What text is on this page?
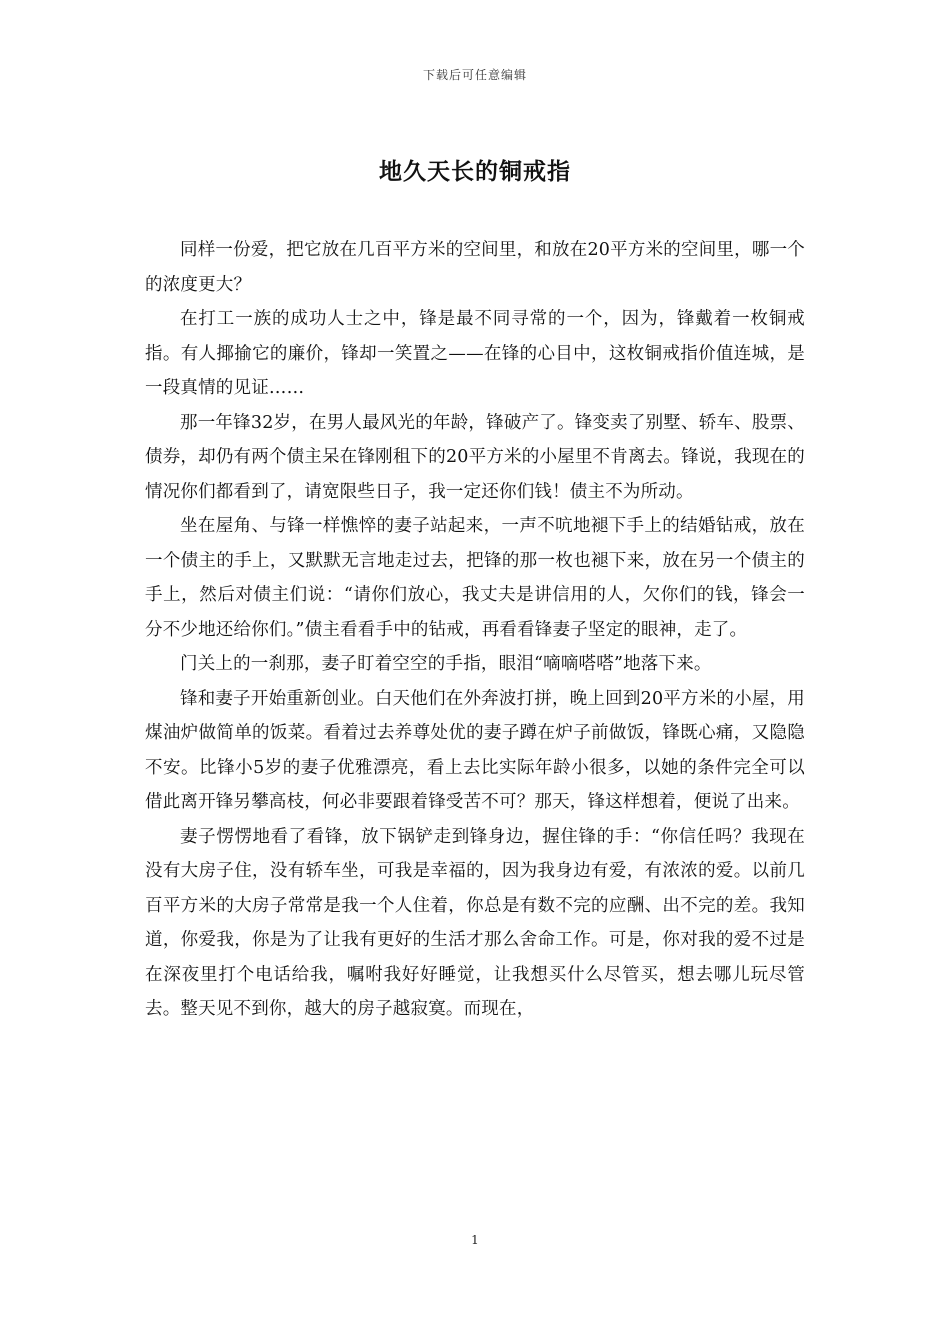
下载后可任意编辑
地久天长的铜戒指

同样一份爱，把它放在几百平方米的空间里，和放在20平方米的空间里，哪一个的浓度更大？

在打工一族的成功人士之中，锋是最不同寻常的一个，因为，锋戴着一枚铜戒指。有人揶揄它的廉价，锋却一笑置之——在锋的心目中，这枚铜戒指价值连城，是一段真情的见证……

那一年锋32岁，在男人最风光的年龄，锋破产了。锋变卖了别墅、轿车、股票、债券，却仍有两个债主呆在锋刚租下的20平方米的小屋里不肯离去。锋说，我现在的情况你们都看到了，请宽限些日子，我一定还你们钱！债主不为所动。

坐在屋角、与锋一样憔悴的妻子站起来，一声不吭地褪下手上的结婚钻戒，放在一个债主的手上，又默默无言地走过去，把锋的那一枚也褪下来，放在另一个债主的手上，然后对债主们说：“请你们放心，我丈夫是讲信用的人，欠你们的钱，锋会一分不少地还给你们。”债主看看手中的钻戒，再看看锋妻子坚定的眼神，走了。

门关上的一刹那，妻子盯着空空的手指，眼泪“嘀嘀嗒嗒”地落下来。

锋和妻子开始重新创业。白天他们在外奔波打拼，晚上回到20平方米的小屋，用煤油炉做简单的饭菜。看着过去养尊处优的妻子蹲在炉子前做饭，锋既心痛，又隐隐不安。比锋小5岁的妻子优雅漂亮，看上去比实际年龄小很多，以她的条件完全可以借此离开锋另攀高枝，何必非要跟着锋受苦不可？那天，锋这样想着，便说了出来。

妻子愣愣地看了看锋，放下锅铲走到锋身边，握住锋的手：“你信任吗？我现在没有大房子住，没有轿车坐，可我是幸福的，因为我身边有爱，有浓浓的爱。以前几百平方米的大房子常常是我一个人住着，你总是有数不完的应酬、出不完的差。我知道，你爱我，你是为了让我有更好的生活才那么舍命工作。可是，你对我的爱不过是在深夜里打个电话给我，嘱咐我好好睡觉，让我想买什么尽管买，想去哪儿玩尽管去。整天见不到你，越大的房子越寂寞。而现在，

1
